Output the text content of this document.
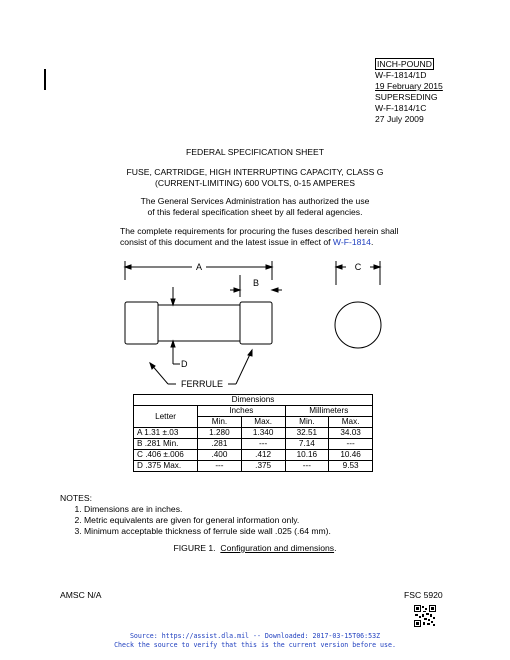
INCH-POUND
W-F-1814/1D
19 February 2015
SUPERSEDING
W-F-1814/1C
27 July 2009
FEDERAL SPECIFICATION SHEET
FUSE, CARTRIDGE, HIGH INTERRUPTING CAPACITY, CLASS G
(CURRENT-LIMITING) 600 VOLTS, 0-15 AMPERES
The General Services Administration has authorized the use
of this federal specification sheet by all federal agencies.
The complete requirements for procuring the fuses described herein shall consist of this document and the latest issue in effect of W-F-1814.
A
B
C
D
FERRULE
Dimensions				
Letter	Inches		Millimeters	
	Min.	Max.	Min.	Max.
A 1.31 ±.03	1.280	1.340	32.51	34.03
B .281 Min.	.281	---	7.14	---
C .406 ±.006	.400	.412	10.16	10.46
D .375 Max.	---	.375	---	9.53
NOTES:
1. Dimensions are in inches.
2. Metric equivalents are given for general information only.
3. Minimum acceptable thickness of ferrule side wall .025 (.64 mm).
FIGURE 1. Configuration and dimensions.
AMSC N/A	FSC 5920
Source: https://assist.dla.mil -- Downloaded: 2017-03-15T06:53Z
Check the source to verify that this is the current version before use.
